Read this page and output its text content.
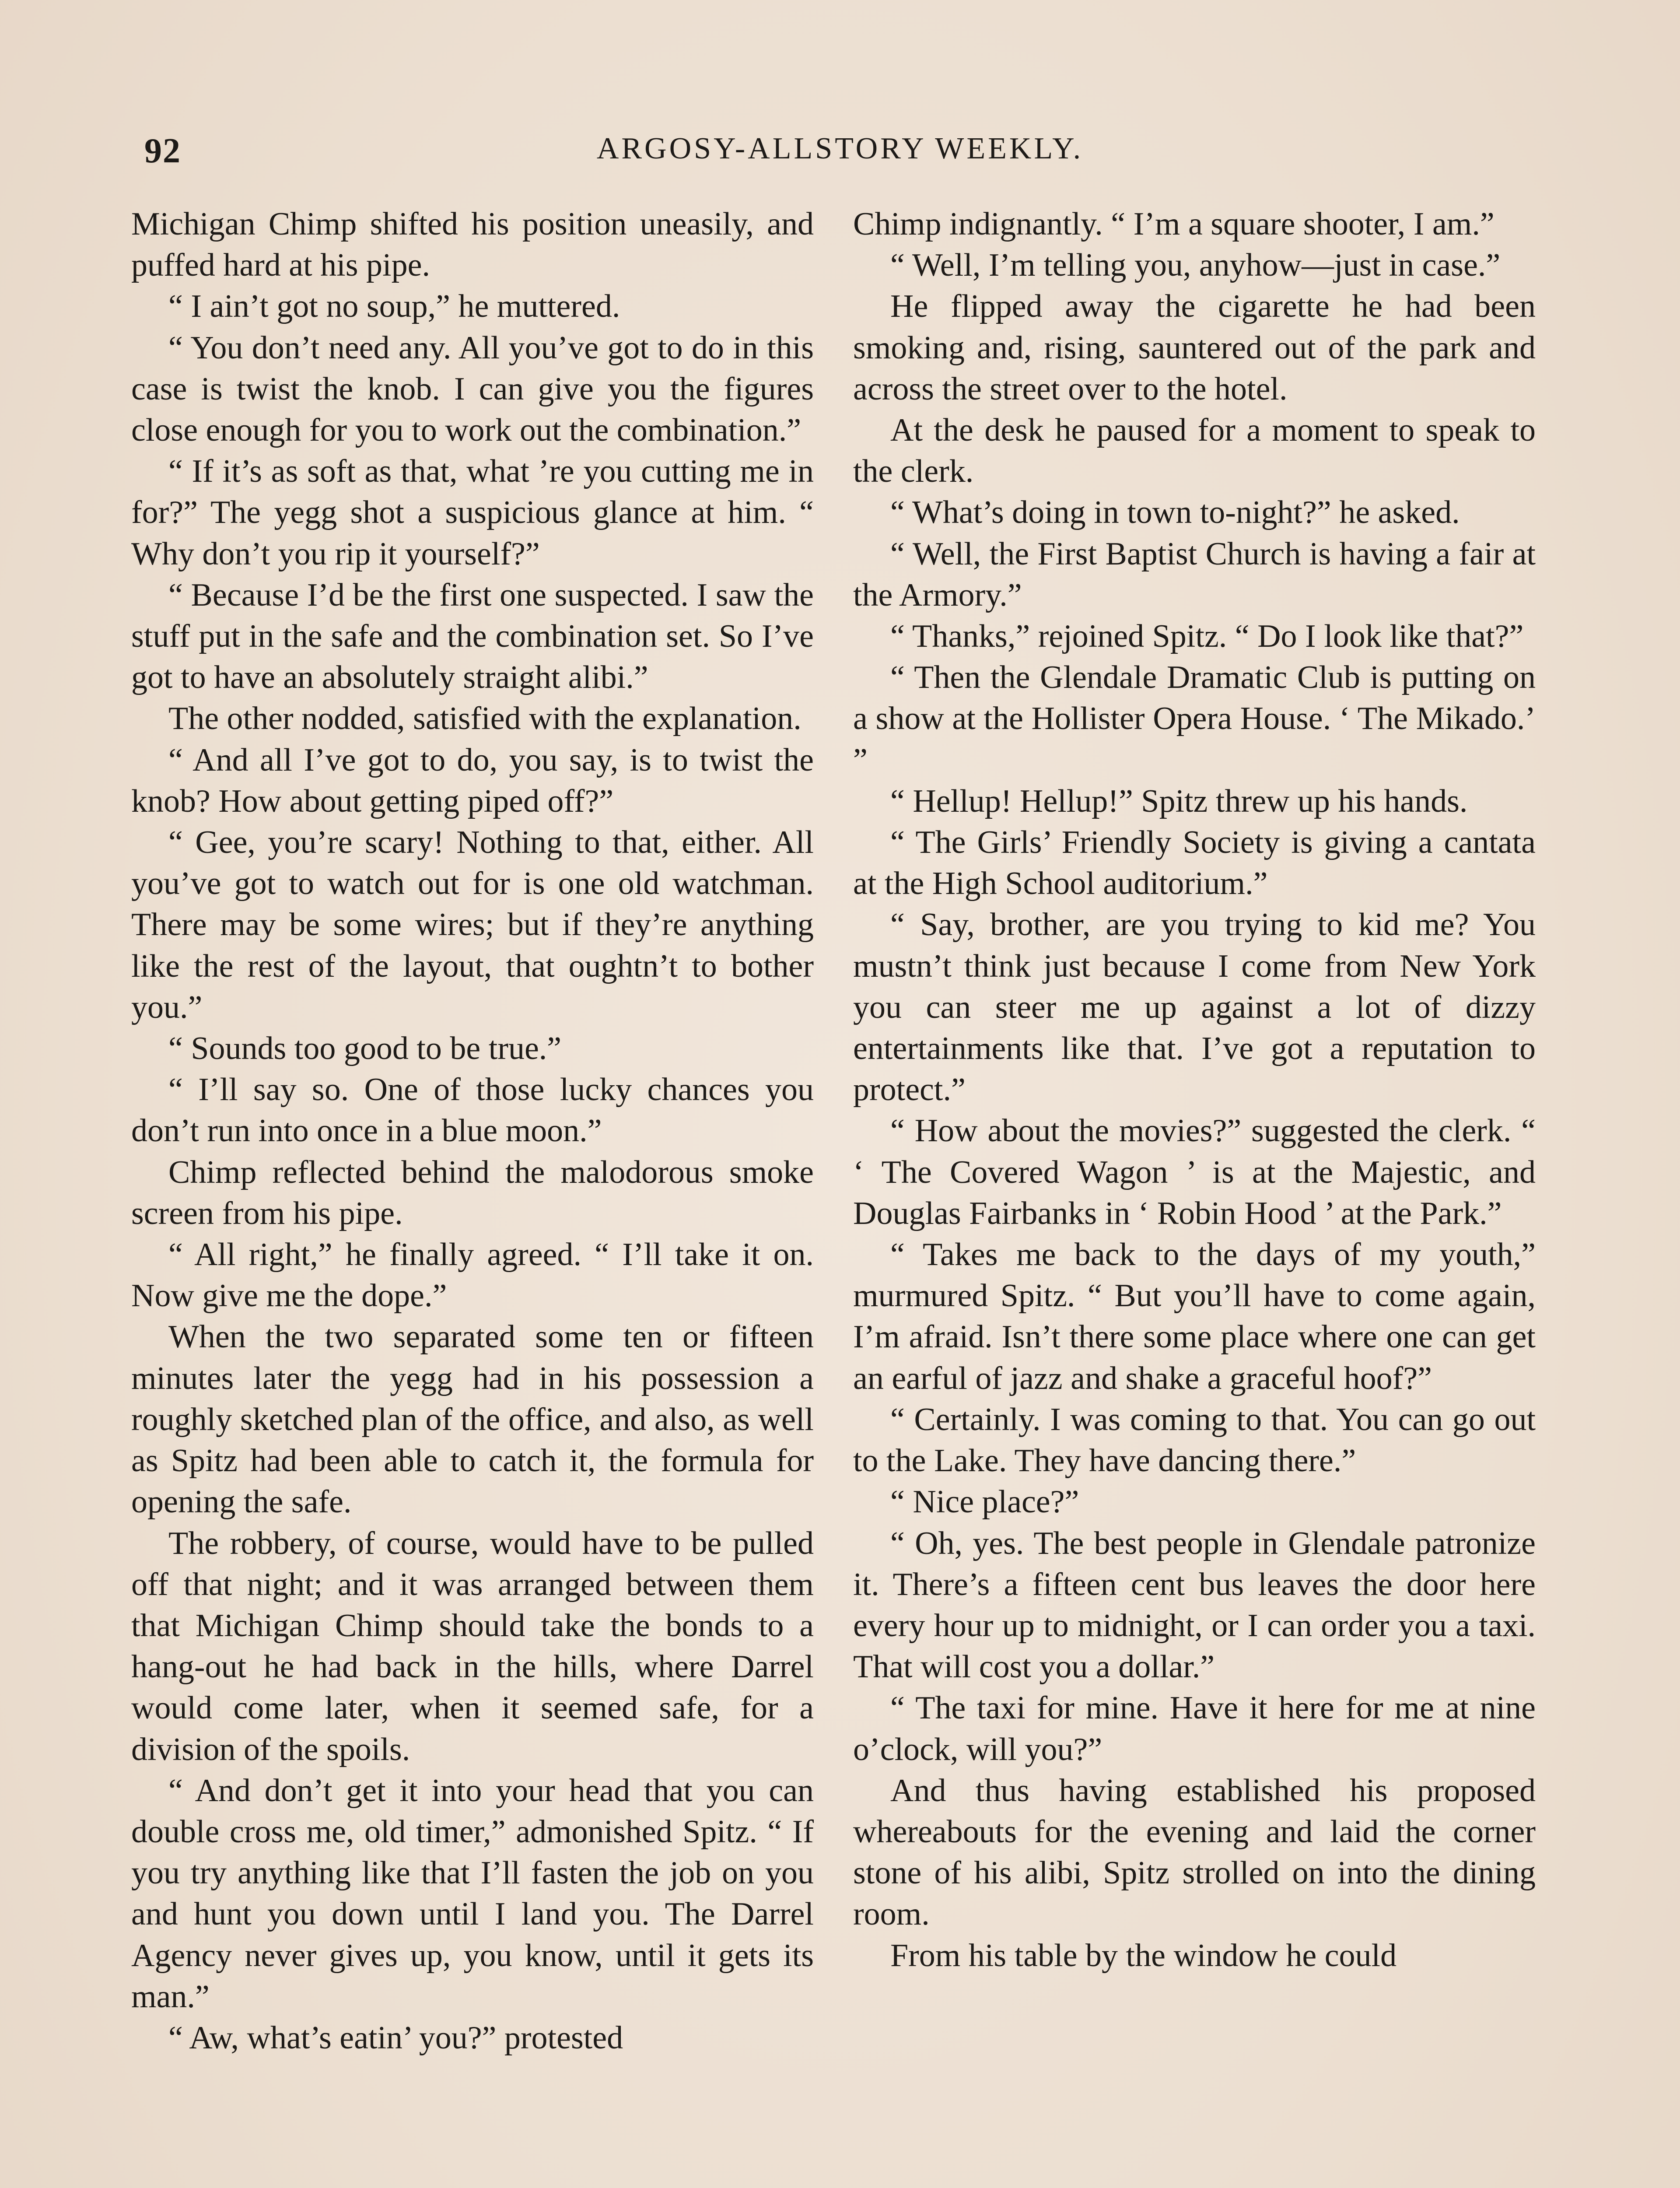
92	ARGOSY-ALLSTORY WEEKLY.

Michigan Chimp shifted his position uneasily, and puffed hard at his pipe.

“ I ain’t got no soup,” he muttered.

“ You don’t need any. All you’ve got to do in this case is twist the knob. I can give you the figures close enough for you to work out the combination.”

“ If it’s as soft as that, what ’re you cutting me in for?” The yegg shot a suspicious glance at him. “ Why don’t you rip it yourself?”

“ Because I’d be the first one suspected. I saw the stuff put in the safe and the combination set. So I’ve got to have an absolutely straight alibi.”

The other nodded, satisfied with the explanation.

“ And all I’ve got to do, you say, is to twist the knob? How about getting piped off?”

“ Gee, you’re scary! Nothing to that, either. All you’ve got to watch out for is one old watchman. There may be some wires; but if they’re anything like the rest of the layout, that oughtn’t to bother you.”

“ Sounds too good to be true.”

“ I’ll say so. One of those lucky chances you don’t run into once in a blue moon.”

Chimp reflected behind the malodorous smoke screen from his pipe.

“ All right,” he finally agreed. “ I’ll take it on. Now give me the dope.”

When the two separated some ten or fifteen minutes later the yegg had in his possession a roughly sketched plan of the office, and also, as well as Spitz had been able to catch it, the formula for opening the safe.

The robbery, of course, would have to be pulled off that night; and it was arranged between them that Michigan Chimp should take the bonds to a hang-out he had back in the hills, where Darrel would come later, when it seemed safe, for a division of the spoils.

“ And don’t get it into your head that you can double cross me, old timer,” admonished Spitz. “ If you try anything like that I’ll fasten the job on you and hunt you down until I land you. The Darrel Agency never gives up, you know, until it gets its man.”

“ Aw, what’s eatin’ you?” protested

Chimp indignantly. “ I’m a square shooter, I am.”

“ Well, I’m telling you, anyhow—just in case.”

He flipped away the cigarette he had been smoking and, rising, sauntered out of the park and across the street over to the hotel.

At the desk he paused for a moment to speak to the clerk.

“ What’s doing in town to-night?” he asked.

“ Well, the First Baptist Church is having a fair at the Armory.”

“ Thanks,” rejoined Spitz. “ Do I look like that?”

“ Then the Glendale Dramatic Club is putting on a show at the Hollister Opera House. ‘ The Mikado.’ ”

“ Hellup! Hellup!” Spitz threw up his hands.

“ The Girls’ Friendly Society is giving a cantata at the High School auditorium.”

“ Say, brother, are you trying to kid me? You mustn’t think just because I come from New York you can steer me up against a lot of dizzy entertainments like that. I’ve got a reputation to protect.”

“ How about the movies?” suggested the clerk. “ ‘ The Covered Wagon ’ is at the Majestic, and Douglas Fairbanks in ‘ Robin Hood ’ at the Park.”

“ Takes me back to the days of my youth,” murmured Spitz. “ But you’ll have to come again, I’m afraid. Isn’t there some place where one can get an earful of jazz and shake a graceful hoof?”

“ Certainly. I was coming to that. You can go out to the Lake. They have dancing there.”

“ Nice place?”

“ Oh, yes. The best people in Glendale patronize it. There’s a fifteen cent bus leaves the door here every hour up to midnight, or I can order you a taxi. That will cost you a dollar.”

“ The taxi for mine. Have it here for me at nine o’clock, will you?”

And thus having established his proposed whereabouts for the evening and laid the corner stone of his alibi, Spitz strolled on into the dining room.

From his table by the window he could
